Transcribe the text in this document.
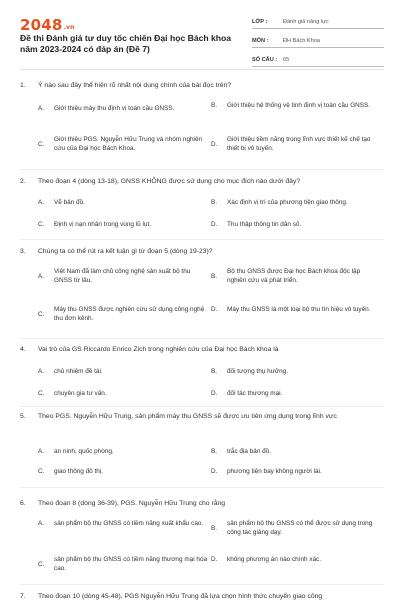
2048.vn
Đề thi Đánh giá tư duy tốc chiến Đại học Bách khoa năm 2023-2024 có đáp án (Đề 7)
LỚP :	Đánh giá năng lực
MÔN :	ĐH Bách Khoa
SỐ CÂU :	65
1.	Ý nào sau đây thể hiện rõ nhất nội dung chính của bài đọc trên?
A.	Giới thiệu máy thu định vị toàn cầu GNSS.	B.	Giới thiệu hệ thống vệ tinh định vị toàn cầu GNSS.
C.
Giới thiệu PGS. Nguyễn Hữu Trung và nhóm nghiên cứu của Đại học Bách Khoa.
D.
Giới thiệu tiềm năng trong lĩnh vực thiết kế chế tạo thiết bị vô tuyến.
2.	Theo đoạn 4 (dòng 13-18), GNSS KHÔNG được sử dụng cho mục đích nào dưới đây?
A.	Vẽ bản đồ.	B.	Xác định vị trí của phương tiện giao thông.
C.	Định vị nạn nhân trong vùng lũ lụt.	D.	Thu thập thông tin dân số.
3.	Chúng ta có thể rút ra kết luận gì từ đoạn 5 (dòng 19-23)?
A.
Việt Nam đã làm chủ công nghệ sản xuất bộ thu GNSS từ lâu.
B.
Bộ thu GNSS được Đại học Bách khoa độc lập nghiên cứu và phát triển.
C.
Máy thu GNSS được nghiên cứu sử dụng công nghệ thu đơn kênh.
D.	Máy thu GNSS là một loại bộ thu tín hiệu vô tuyến.
4.	Vai trò của GS Riccardo Enrico Zich trong nghiên cứu của Đại học Bách khoa là
A.	chủ nhiệm đề tài.	B.	đối tượng thụ hưởng.
C.	chuyên gia tư vấn.	D.	đối tác thương mại.
5.	Theo PGS. Nguyễn Hữu Trung, sản phẩm máy thu GNSS sẽ được ưu tiên ứng dụng trong lĩnh vực
A.	an ninh, quốc phòng.	B.	trắc địa bản đồ.
C.	giao thông đô thị.	D.	phương tiện bay không người lái.
6.	Theo đoạn 8 (dòng 36-39), PGS. Nguyễn Hữu Trung cho rằng
A.	sản phẩm bộ thu GNSS có tiềm năng xuất khẩu cao.
B.
sản phẩm bộ thu GNSS có thể được sử dụng trong công tác giảng dạy.
C.
sản phẩm bộ thu GNSS có tiềm năng thương mại hóa cao.
D.	không phương án nào chính xác.
7.	Theo đoạn 10 (dòng 45-48), PGS Nguyễn Hữu Trung đã lựa chọn hình thức chuyển giao công
